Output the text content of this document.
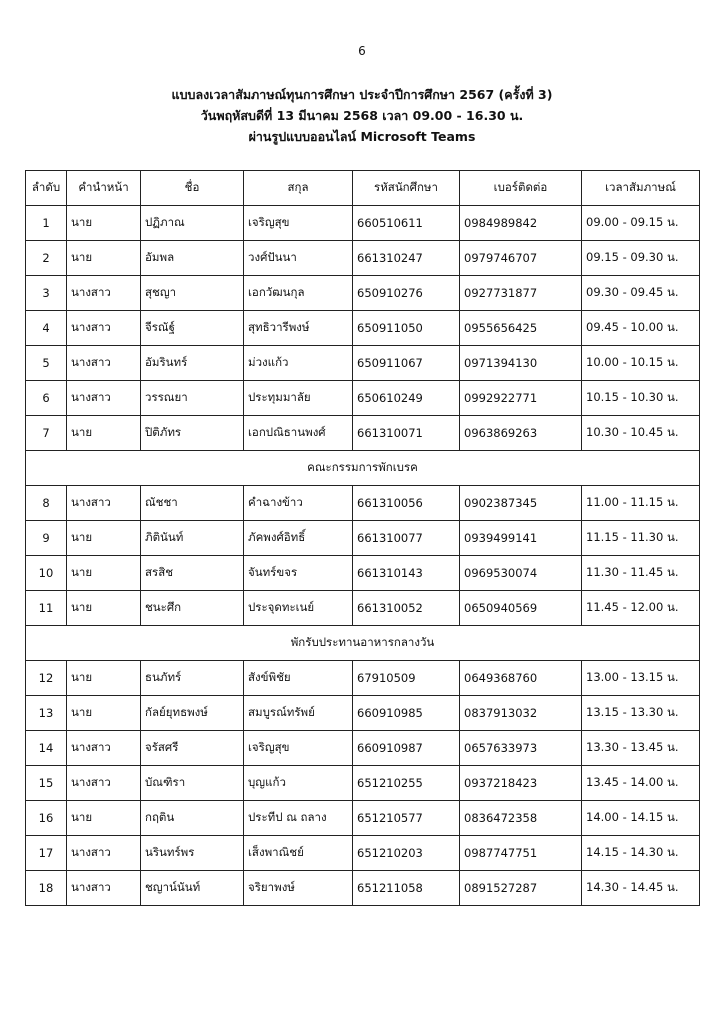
6
แบบลงเวลาสัมภาษณ์ทุนการศึกษา ประจำปีการศึกษา 2567 (ครั้งที่ 3)
วันพฤหัสบดีที่ 13 มีนาคม 2568 เวลา 09.00 - 16.30 น.
ผ่านรูปแบบออนไลน์ Microsoft Teams
ลำดับ	คำนำหน้า	ชื่อ	สกุล	รหัสนักศึกษา	เบอร์ติดต่อ	เวลาสัมภาษณ์
1	นาย	ปฏิภาณ	เจริญสุข	660510611	0984989842	09.00 - 09.15 น.
2	นาย	อัมพล	วงศ์ปันนา	661310247	0979746707	09.15 - 09.30 น.
3	นางสาว	สุชญา	เอกวัฒนกุล	650910276	0927731877	09.30 - 09.45 น.
4	นางสาว	จีรณัฐ์	สุทธิวารีพงษ์	650911050	0955656425	09.45 - 10.00 น.
5	นางสาว	อัมรินทร์	ม่วงแก้ว	650911067	0971394130	10.00 - 10.15 น.
6	นางสาว	วรรณยา	ประทุมมาลัย	650610249	0992922771	10.15 - 10.30 น.
7	นาย	ปิติภัทร	เอกปณิธานพงศ์	661310071	0963869263	10.30 - 10.45 น.
คณะกรรมการพักเบรค						
8	นางสาว	ณัชชา	คำฉางข้าว	661310056	0902387345	11.00 - 11.15 น.
9	นาย	ภิตินันท์	ภัคพงศ์อิทธิ์	661310077	0939499141	11.15 - 11.30 น.
10	นาย	สรสิช	จันทร์ขจร	661310143	0969530074	11.30 - 11.45 น.
11	นาย	ชนะศึก	ประจุดทะเนย์	661310052	0650940569	11.45 - 12.00 น.
พักรับประทานอาหารกลางวัน						
12	นาย	ธนภัทร์	สังข์พิชัย	67910509	0649368760	13.00 - 13.15 น.
13	นาย	กัลย์ยุทธพงษ์	สมบูรณ์ทรัพย์	660910985	0837913032	13.15 - 13.30 น.
14	นางสาว	จรัสศรี	เจริญสุข	660910987	0657633973	13.30 - 13.45 น.
15	นางสาว	บัณฑิรา	บุญแก้ว	651210255	0937218423	13.45 - 14.00 น.
16	นาย	กฤติน	ประทีป ณ ถลาง	651210577	0836472358	14.00 - 14.15 น.
17	นางสาว	นรินทร์พร	เส็งพาณิชย์	651210203	0987747751	14.15 - 14.30 น.
18	นางสาว	ชญาน์นันท์	จริยาพงษ์	651211058	0891527287	14.30 - 14.45 น.
